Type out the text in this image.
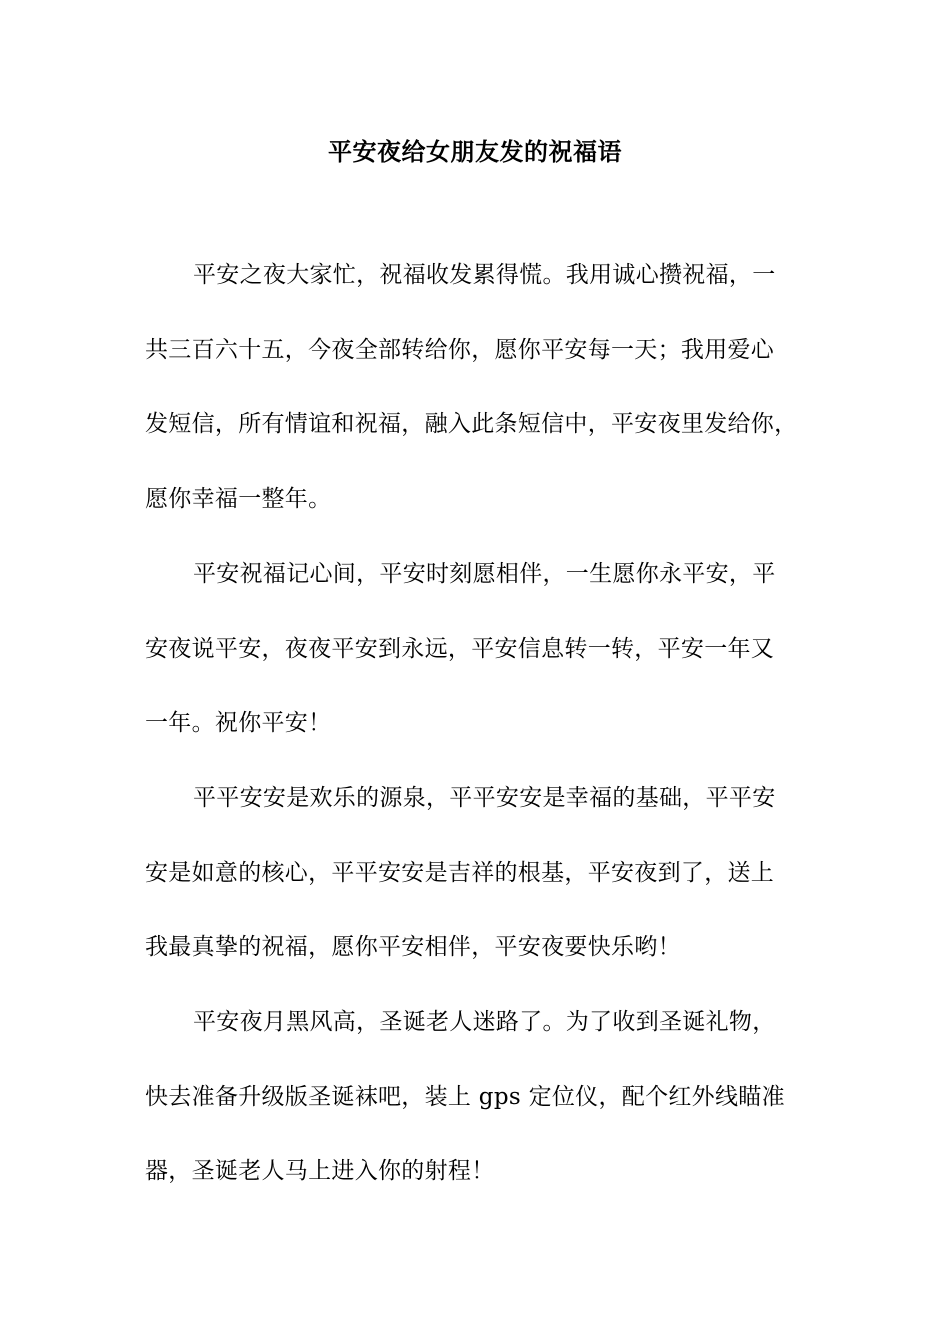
平安夜给女朋友发的祝福语
平安之夜大家忙，祝福收发累得慌。我用诚心攒祝福，一
共三百六十五，今夜全部转给你，愿你平安每一天；我用爱心
发短信，所有情谊和祝福，融入此条短信中，平安夜里发给你，
愿你幸福一整年。
平安祝福记心间，平安时刻愿相伴，一生愿你永平安，平
安夜说平安，夜夜平安到永远，平安信息转一转，平安一年又
一年。祝你平安！
平平安安是欢乐的源泉，平平安安是幸福的基础，平平安
安是如意的核心，平平安安是吉祥的根基，平安夜到了，送上
我最真挚的祝福，愿你平安相伴，平安夜要快乐哟！
平安夜月黑风高，圣诞老人迷路了。为了收到圣诞礼物，
快去准备升级版圣诞袜吧，装上 gps 定位仪，配个红外线瞄准
器，圣诞老人马上进入你的射程！
